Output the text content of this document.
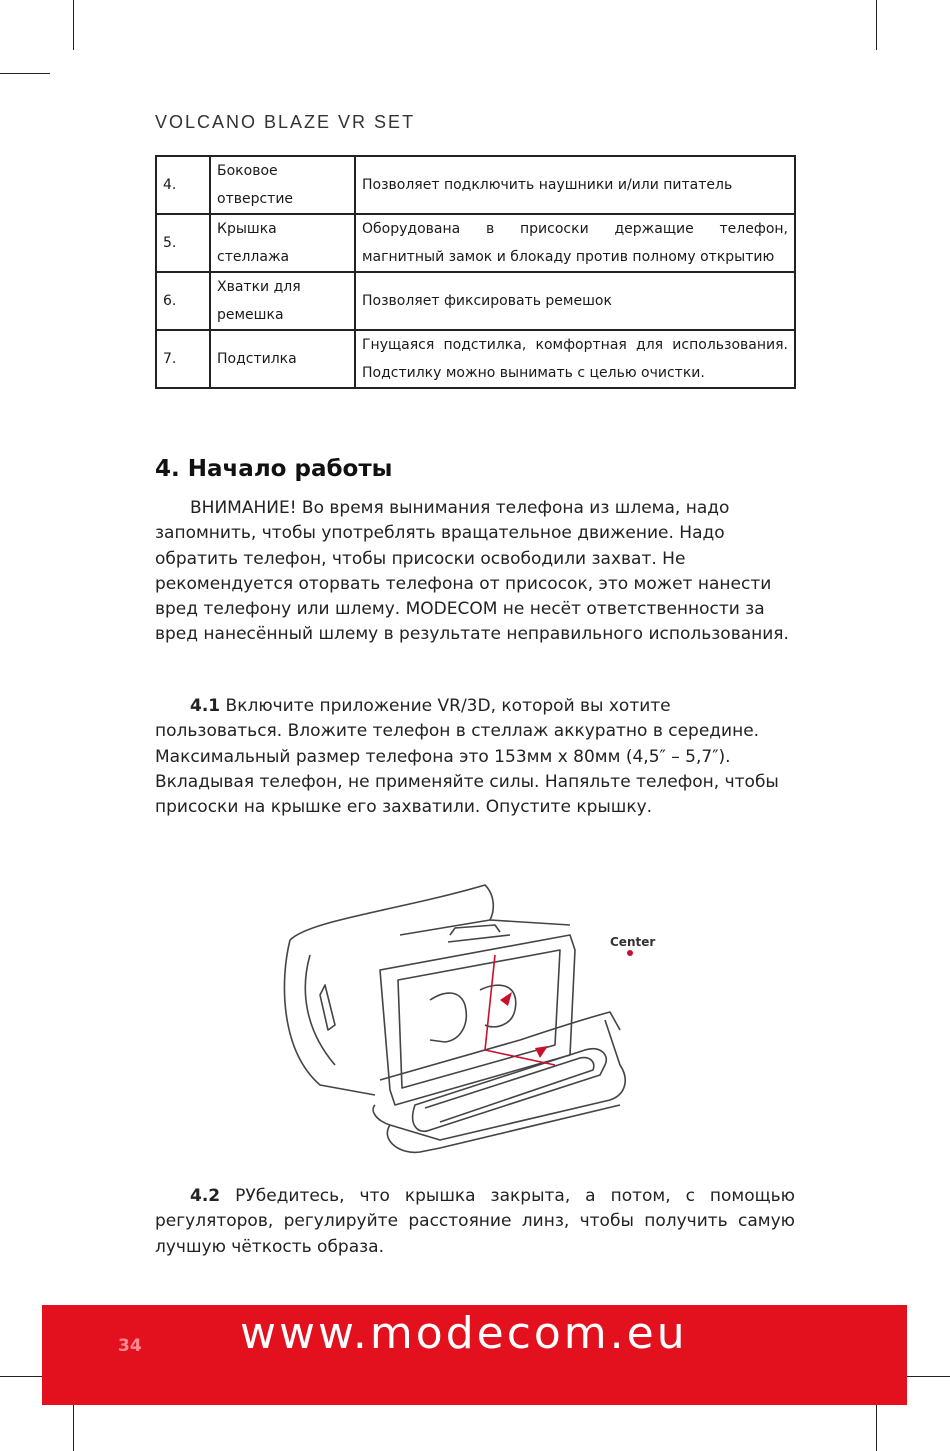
VOLCANO BLAZE VR SET
4.	Боковое отверстие	Позволяет подключить наушники и/или питатель
5.	Крышка стеллажа	Оборудована в присоски держащие телефон, магнитный замок и блокаду против полному открытию
6.	Хватки для ремешка	Позволяет фиксировать ремешок
7.	Подстилка	Гнущаяся подстилка, комфортная для использования. Подстилку можно вынимать с целью очистки.
4. Начало работы

ВНИМАНИЕ! Во время вынимания телефона из шлема, надо запомнить, чтобы употреблять вращательное движение. Надо обратить телефон, чтобы присоски освободили захват. Не рекомендуется оторвать телефона от присосок, это может нанести вред телефону или шлему. MODECOM не несёт ответственности за вред нанесённый шлему в результате неправильного использования.

4.1 Включите приложение VR/3D, которой вы хотите пользоваться. Вложите телефон в стеллаж аккуратно в середине. Максимальный размер телефона это 153мм x 80мм (4,5″ – 5,7″). Вкладывая телефон, не применяйте силы. Напяльте телефон, чтобы присоски на крышке его захватили. Опустите крышку.

Center

4.2 РУбедитесь, что крышка закрыта, а потом, с помощью регуляторов, регулируйте расстояние линз, чтобы получить самую лучшую чёткость образа.

34 www.modecom.eu
